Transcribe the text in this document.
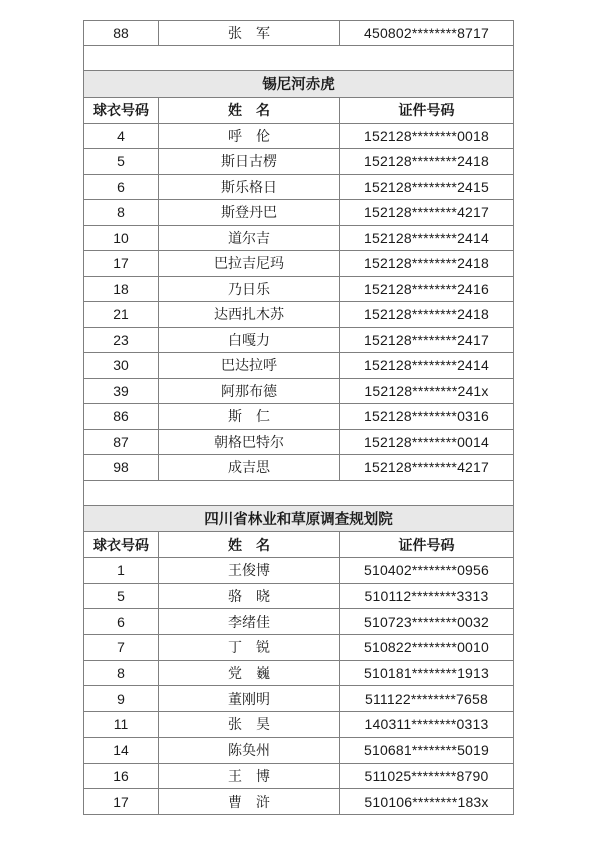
88	张　军	450802********8717

锡尼河赤虎		
球衣号码	姓　名	证件号码
4	呼　伦	152128********0018
5	斯日古楞	152128********2418
6	斯乐格日	152128********2415
8	斯登丹巴	152128********4217
10	道尔吉	152128********2414
17	巴拉吉尼玛	152128********2418
18	乃日乐	152128********2416
21	达西扎木苏	152128********2418
23	白嘎力	152128********2417
30	巴达拉呼	152128********2414
39	阿那布德	152128********241x
86	斯　仁	152128********0316
87	朝格巴特尔	152128********0014
98	成吉思	152128********4217

四川省林业和草原调查规划院		
球衣号码	姓　名	证件号码
1	王俊博	510402********0956
5	骆　晓	510112********3313
6	李绪佳	510723********0032
7	丁　锐	510822********0010
8	党　巍	510181********1913
9	董刚明	511122********7658
11	张　昊	140311********0313
14	陈奂州	510681********5019
16	王　博	511025********8790
17	曹　浒	510106********183x
